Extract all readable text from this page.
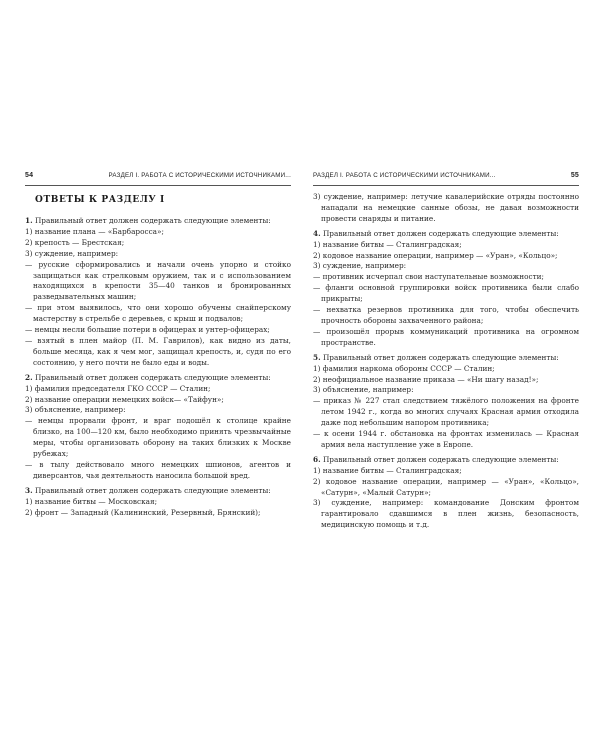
54	РАЗДЕЛ I. РАБОТА С ИСТОРИЧЕСКИМИ ИСТОЧНИКАМИ...
ОТВЕТЫ К РАЗДЕЛУ I

1. Правильный ответ должен содержать следующие элементы:

1) название плана — «Барбаросса»;

2) крепость — Брестская;

3) суждение, например:

— русские сформировались и начали очень упорно и стойко защищаться как стрелковым оружием, так и с использованием находящихся в крепости 35—40 танков и бронированных разведывательных машин;

— при этом выявилось, что они хорошо обучены снайперскому мастерству в стрельбе с деревьев, с крыш и подвалов;

— немцы несли большие потери в офицерах и унтер-офицерах;

— взятый в плен майор (П. М. Гаврилов), как видно из даты, больше месяца, как я чем мог, защищал крепость, и, судя по его состоянию, у него почти не было еды и воды.

2. Правильный ответ должен содержать следующие элементы:

1) фамилия председателя ГКО СССР — Сталин;

2) название операции немецких войск— «Тайфун»;

3) объяснение, например:

— немцы прорвали фронт, и враг подошёл к столице крайне близко, на 100—120 км, было необходимо принять чрезвычайные меры, чтобы организовать оборону на таких близких к Москве рубежах;

— в тылу действовало много немецких шпионов, агентов и диверсантов, чья деятельность наносила большой вред.

3. Правильный ответ должен содержать следующие элементы:

1) название битвы — Московская;

2) фронт — Западный (Калининский, Резервный, Брянский);

РАЗДЕЛ I. РАБОТА С ИСТОРИЧЕСКИМИ ИСТОЧНИКАМИ...	55

3) суждение, например: летучие кавалерийские отряды постоянно нападали на немецкие санные обозы, не давая возможности провести снаряды и питание.

4. Правильный ответ должен содержать следующие элементы:

1) название битвы — Сталинградская;

2) кодовое название операции, например — «Уран», «Кольцо»;

3) суждение, например:

— противник исчерпал свои наступательные возможности;

— фланги основной группировки войск противника были слабо прикрыты;

— нехватка резервов противника для того, чтобы обеспечить прочность обороны захваченного района;

— произошёл прорыв коммуникаций противника на огромном пространстве.

5. Правильный ответ должен содержать следующие элементы:

1) фамилия наркома обороны СССР — Сталин;

2) неофициальное название приказа — «Ни шагу назад!»;

3) объяснение, например:

— приказ № 227 стал следствием тяжёлого положения на фронте летом 1942 г., когда во многих случаях Красная армия отходила даже под небольшим напором противника;

— к осени 1944 г. обстановка на фронтах изменилась — Красная армия вела наступление уже в Европе.

6. Правильный ответ должен содержать следующие элементы:

1) название битвы — Сталинградская;

2) кодовое название операции, например — «Уран», «Кольцо», «Сатурн», «Малый Сатурн»;

3) суждение, например: командование Донским фронтом гарантировало сдавшимся в плен жизнь, безопасность, медицинскую помощь и т.д.
